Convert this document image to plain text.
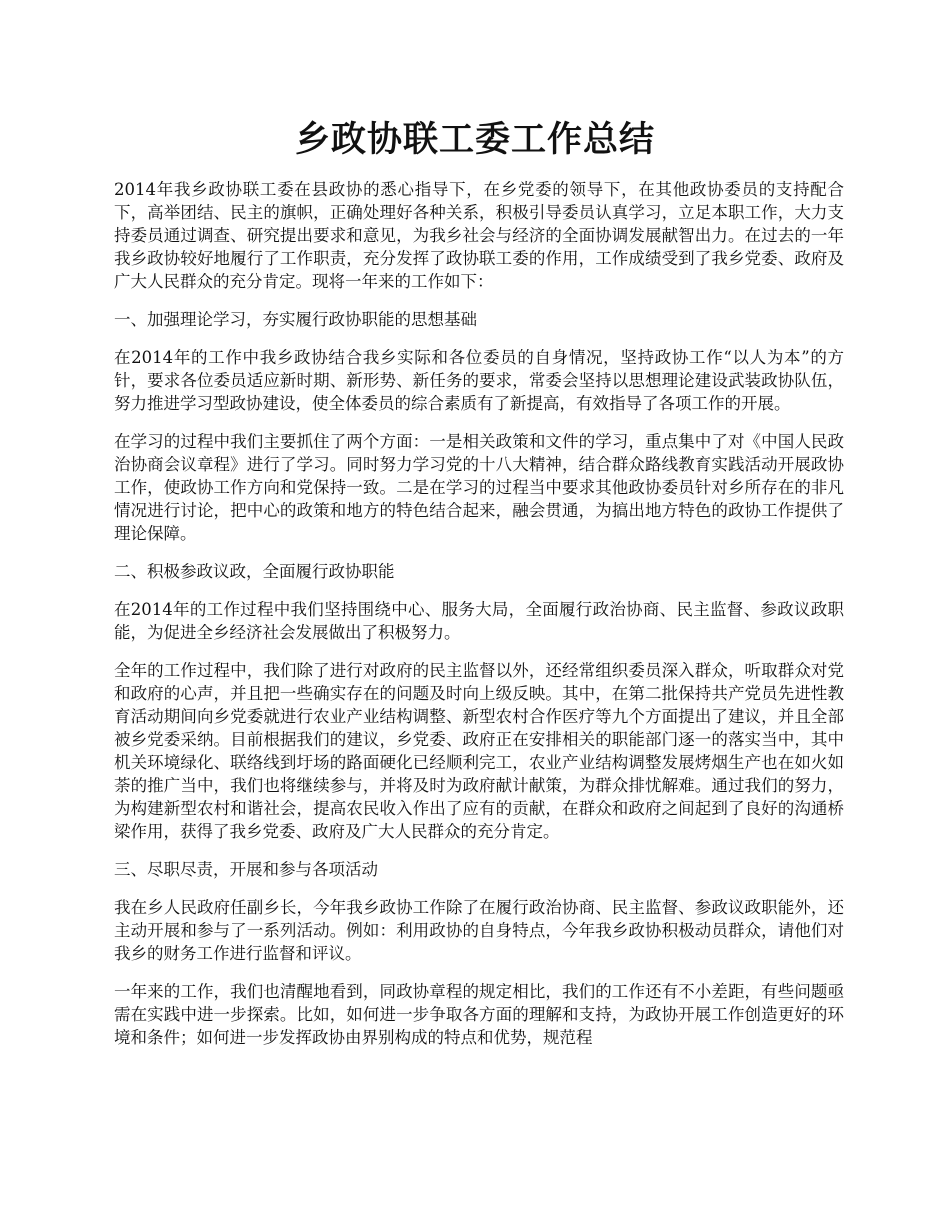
乡政协联工委工作总结

2014年我乡政协联工委在县政协的悉心指导下，在乡党委的领导下，在其他政协委员的支持配合下，高举团结、民主的旗帜，正确处理好各种关系，积极引导委员认真学习，立足本职工作，大力支持委员通过调查、研究提出要求和意见，为我乡社会与经济的全面协调发展献智出力。在过去的一年我乡政协较好地履行了工作职责，充分发挥了政协联工委的作用，工作成绩受到了我乡党委、政府及广大人民群众的充分肯定。现将一年来的工作如下：

一、加强理论学习，夯实履行政协职能的思想基础

在2014年的工作中我乡政协结合我乡实际和各位委员的自身情况，坚持政协工作“以人为本”的方针，要求各位委员适应新时期、新形势、新任务的要求，常委会坚持以思想理论建设武装政协队伍，努力推进学习型政协建设，使全体委员的综合素质有了新提高，有效指导了各项工作的开展。

在学习的过程中我们主要抓住了两个方面：一是相关政策和文件的学习，重点集中了对《中国人民政治协商会议章程》进行了学习。同时努力学习党的十八大精神，结合群众路线教育实践活动开展政协工作，使政协工作方向和党保持一致。二是在学习的过程当中要求其他政协委员针对乡所存在的非凡情况进行讨论，把中心的政策和地方的特色结合起来，融会贯通，为搞出地方特色的政协工作提供了理论保障。

二、积极参政议政，全面履行政协职能

在2014年的工作过程中我们坚持围绕中心、服务大局，全面履行政治协商、民主监督、参政议政职能，为促进全乡经济社会发展做出了积极努力。

全年的工作过程中，我们除了进行对政府的民主监督以外，还经常组织委员深入群众，听取群众对党和政府的心声，并且把一些确实存在的问题及时向上级反映。其中，在第二批保持共产党员先进性教育活动期间向乡党委就进行农业产业结构调整、新型农村合作医疗等九个方面提出了建议，并且全部被乡党委采纳。目前根据我们的建议，乡党委、政府正在安排相关的职能部门逐一的落实当中，其中机关环境绿化、联络线到圩场的路面硬化已经顺利完工，农业产业结构调整发展烤烟生产也在如火如荼的推广当中，我们也将继续参与，并将及时为政府献计献策，为群众排忧解难。通过我们的努力，为构建新型农村和谐社会，提高农民收入作出了应有的贡献，在群众和政府之间起到了良好的沟通桥梁作用，获得了我乡党委、政府及广大人民群众的充分肯定。

三、尽职尽责，开展和参与各项活动

我在乡人民政府任副乡长，今年我乡政协工作除了在履行政治协商、民主监督、参政议政职能外，还主动开展和参与了一系列活动。例如：利用政协的自身特点，今年我乡政协积极动员群众，请他们对我乡的财务工作进行监督和评议。

一年来的工作，我们也清醒地看到，同政协章程的规定相比，我们的工作还有不小差距，有些问题亟需在实践中进一步探索。比如，如何进一步争取各方面的理解和支持，为政协开展工作创造更好的环境和条件；如何进一步发挥政协由界别构成的特点和优势，规范程
